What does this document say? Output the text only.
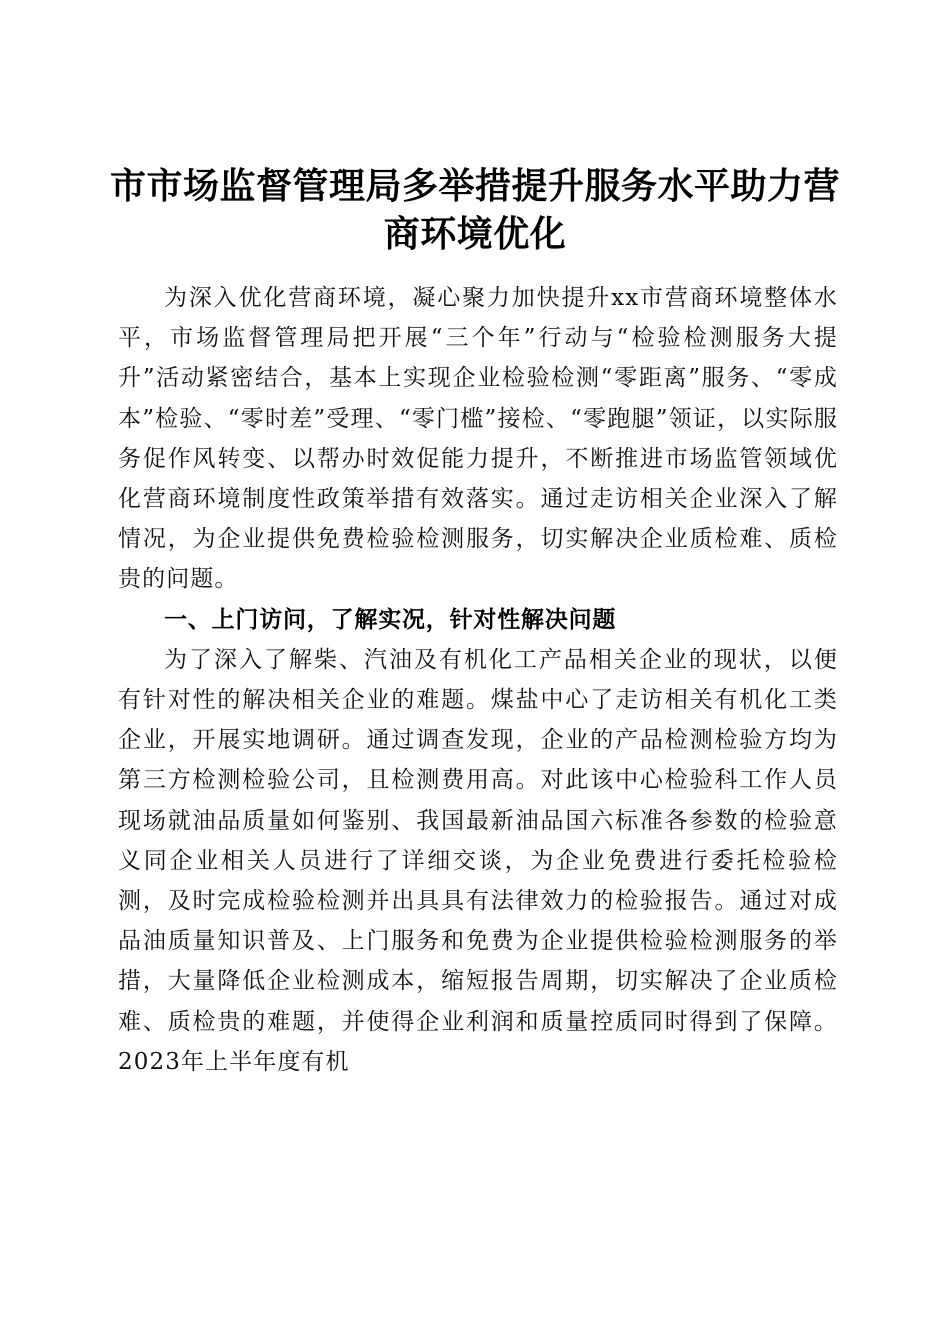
市市场监督管理局多举措提升服务水平助力营
商环境优化

为深入优化营商环境，凝心聚力加快提升xx市营商环境整体水平，市场监督管理局把开展“三个年”行动与“检验检测服务大提升”活动紧密结合，基本上实现企业检验检测“零距离”服务、“零成本”检验、“零时差”受理、“零门槛”接检、“零跑腿”领证，以实际服务促作风转变、以帮办时效促能力提升，不断推进市场监管领域优化营商环境制度性政策举措有效落实。通过走访相关企业深入了解情况，为企业提供免费检验检测服务，切实解决企业质检难、质检贵的问题。

一、上门访问，了解实况，针对性解决问题

为了深入了解柴、汽油及有机化工产品相关企业的现状，以便有针对性的解决相关企业的难题。煤盐中心了走访相关有机化工类企业，开展实地调研。通过调查发现，企业的产品检测检验方均为第三方检测检验公司，且检测费用高。对此该中心检验科工作人员现场就油品质量如何鉴别、我国最新油品国六标准各参数的检验意义同企业相关人员进行了详细交谈，为企业免费进行委托检验检测，及时完成检验检测并出具具有法律效力的检验报告。通过对成品油质量知识普及、上门服务和免费为企业提供检验检测服务的举措，大量降低企业检测成本，缩短报告周期，切实解决了企业质检难、质检贵的难题，并使得企业利润和质量控质同时得到了保障。2023年上半年度有机
